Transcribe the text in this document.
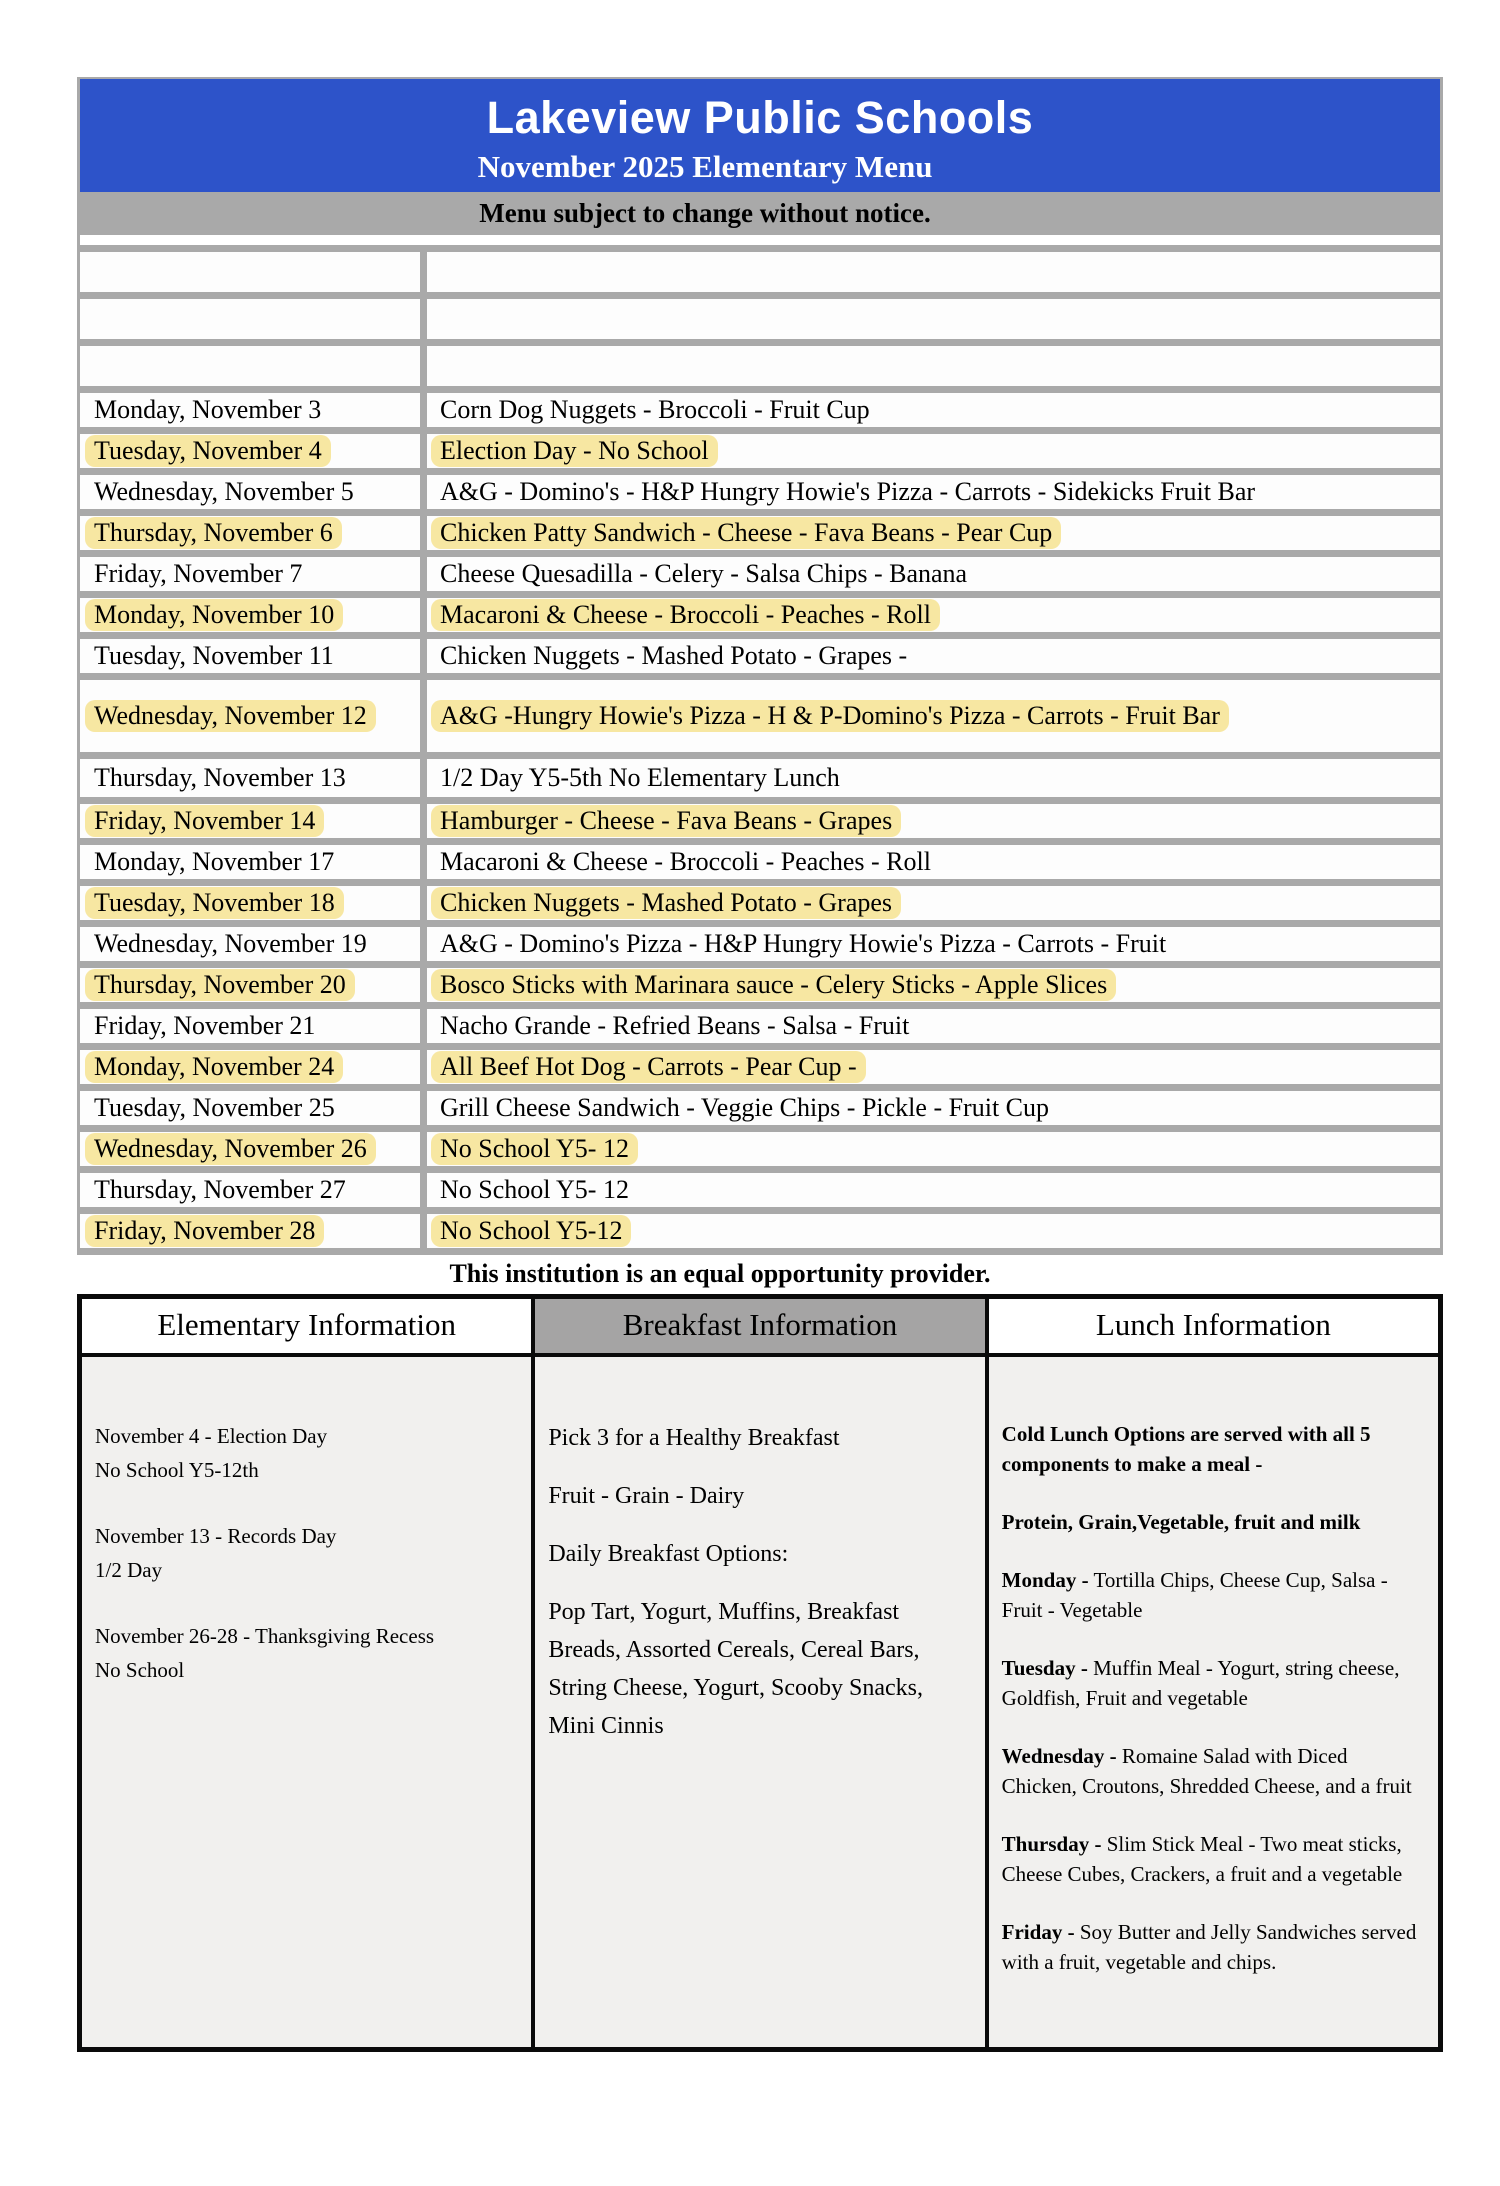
Lakeview Public Schools
November 2025 Elementary Menu
Menu subject to change without notice.
Monday, November 3	Corn Dog Nuggets - Broccoli - Fruit Cup
Tuesday, November 4	Election Day - No School
Wednesday, November 5	A&G - Domino's - H&P Hungry Howie's Pizza - Carrots - Sidekicks Fruit Bar
Thursday, November 6	Chicken Patty Sandwich - Cheese - Fava Beans - Pear Cup
Friday, November 7	Cheese Quesadilla - Celery - Salsa Chips - Banana
Monday, November 10	Macaroni & Cheese - Broccoli - Peaches - Roll
Tuesday, November 11	Chicken Nuggets - Mashed Potato - Grapes -
Wednesday, November 12	A&G -Hungry Howie's Pizza - H & P-Domino's Pizza - Carrots - Fruit Bar
Thursday, November 13	1/2 Day Y5-5th No Elementary Lunch
Friday, November 14	Hamburger - Cheese - Fava Beans - Grapes
Monday, November 17	Macaroni & Cheese - Broccoli - Peaches - Roll
Tuesday, November 18	Chicken Nuggets - Mashed Potato - Grapes
Wednesday, November 19	A&G - Domino's Pizza - H&P Hungry Howie's Pizza - Carrots - Fruit
Thursday, November 20	Bosco Sticks with Marinara sauce - Celery Sticks - Apple Slices
Friday, November 21	Nacho Grande - Refried Beans - Salsa - Fruit
Monday, November 24	All Beef Hot Dog - Carrots - Pear Cup -
Tuesday, November 25	Grill Cheese Sandwich - Veggie Chips - Pickle - Fruit Cup
Wednesday, November 26	No School Y5- 12
Thursday, November 27	No School Y5- 12
Friday, November 28	No School Y5-12
This institution is an equal opportunity provider.
Elementary Information	Breakfast Information	Lunch Information
November 4 - Election Day
No School Y5-12th
November 13 - Records Day
1/2 Day
November 26-28 - Thanksgiving Recess
No School
Pick 3 for a Healthy Breakfast
Fruit - Grain - Dairy
Daily Breakfast Options:
Pop Tart, Yogurt, Muffins, Breakfast Breads, Assorted Cereals, Cereal Bars, String Cheese, Yogurt, Scooby Snacks, Mini Cinnis
Cold Lunch Options are served with all 5 components to make a meal -
Protein, Grain,Vegetable, fruit and milk
Monday - Tortilla Chips, Cheese Cup, Salsa - Fruit - Vegetable
Tuesday - Muffin Meal - Yogurt, string cheese, Goldfish, Fruit and vegetable
Wednesday - Romaine Salad with Diced Chicken, Croutons, Shredded Cheese, and a fruit
Thursday - Slim Stick Meal - Two meat sticks, Cheese Cubes, Crackers, a fruit and a vegetable
Friday - Soy Butter and Jelly Sandwiches served with a fruit, vegetable and chips.
